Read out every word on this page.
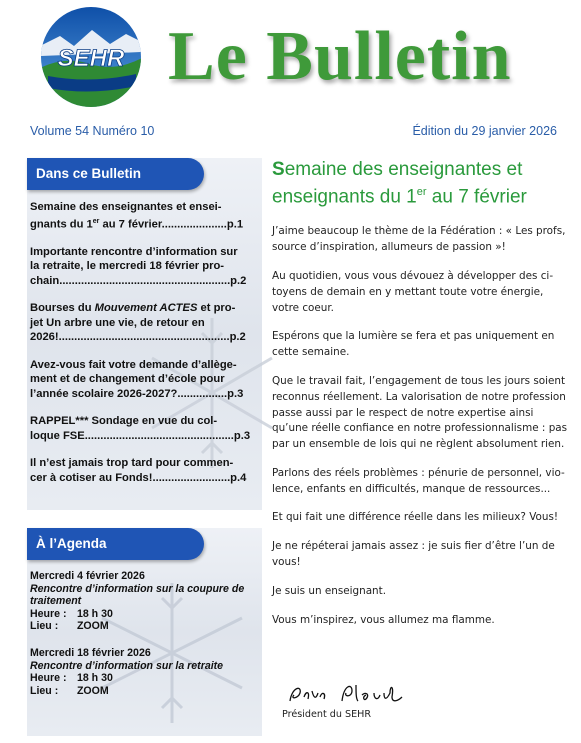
SEHR Le Bulletin
Volume 54 Numéro 10	Édition du 29 janvier 2026
Dans ce Bulletin
Semaine des enseignantes et ensei-
gnants du 1er au 7 février.....................p.1
Importante rencontre d’information sur
la retraite, le mercredi 18 février pro-
chain.......................................................p.2
Bourses du Mouvement ACTES et pro-
jet Un arbre une vie, de retour en
2026!.......................................................p.2
Avez-vous fait votre demande d’allège-
ment et de changement d’école pour
l’année scolaire 2026-2027?................p.3
RAPPEL*** Sondage en vue du col-
loque FSE................................................p.3
Il n’est jamais trop tard pour commen-
cer à cotiser au Fonds!.........................p.4
À l’Agenda
Mercredi 4 février 2026
Rencontre d’information sur la coupure de traitement
Heure : 18 h 30
Lieu : ZOOM
Mercredi 18 février 2026
Rencontre d’information sur la retraite
Heure : 18 h 30
Lieu : ZOOM
Semaine des enseignantes et enseignants du 1er au 7 février

J’aime beaucoup le thème de la Fédération : « Les profs, source d’inspiration, allumeurs de passion »!

Au quotidien, vous vous dévouez à développer des ci-toyens de demain en y mettant toute votre énergie, votre coeur.

Espérons que la lumière se fera et pas uniquement en cette semaine.

Que le travail fait, l’engagement de tous les jours soient reconnus réellement. La valorisation de notre profession passe aussi par le respect de notre expertise ainsi qu’une réelle confiance en notre professionnalisme : pas par un ensemble de lois qui ne règlent absolument rien.

Parlons des réels problèmes : pénurie de personnel, vio-lence, enfants en difficultés, manque de ressources...

Et qui fait une différence réelle dans les milieux? Vous!

Je ne répéterai jamais assez : je suis fier d’être l’un de vous!

Je suis un enseignant.

Vous m’inspirez, vous allumez ma flamme.

Président du SEHR
